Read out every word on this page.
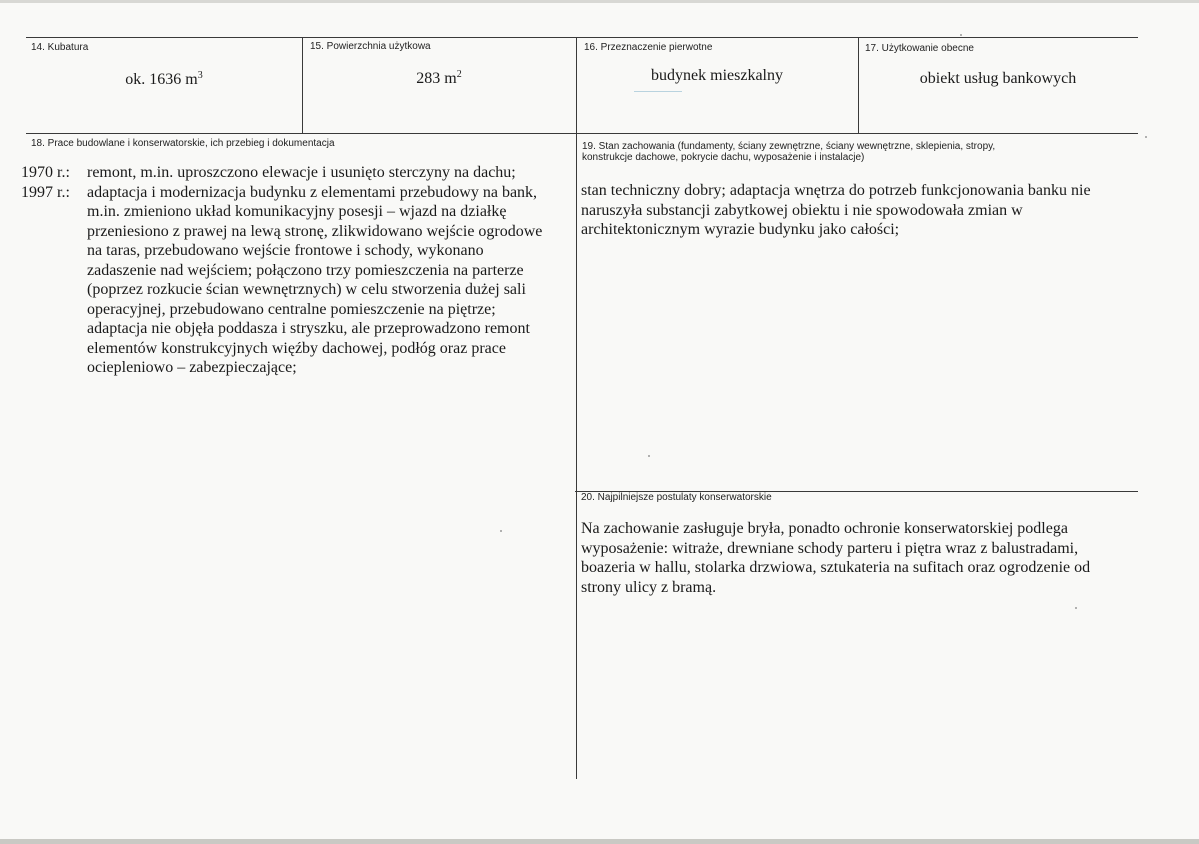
14. Kubatura
ok. 1636 $m^3$
15. Powierzchnia użytkowa
283 $m^2$
16. Przeznaczenie pierwotne
budynek mieszkalny
17. Użytkowanie obecne
obiekt usług bankowych
18. Prace budowlane i konserwatorskie, ich przebieg i dokumentacja
1970 r.:	remont, m.in. uproszczono elewacje i usunięto sterczyny na dachu;
1997 r.:	adaptacja i modernizacja budynku z elementami przebudowy na bank,
m.in. zmieniono układ komunikacyjny posesji – wjazd na działkę
przeniesiono z prawej na lewą stronę, zlikwidowano wejście ogrodowe
na taras, przebudowano wejście frontowe i schody, wykonano
zadaszenie nad wejściem; połączono trzy pomieszczenia na parterze
(poprzez rozkucie ścian wewnętrznych) w celu stworzenia dużej sali
operacyjnej, przebudowano centralne pomieszczenie na piętrze;
adaptacja nie objęła poddasza i stryszku, ale przeprowadzono remont
elementów konstrukcyjnych więźby dachowej, podłóg oraz prace
ociepleniowo – zabezpieczające;
19. Stan zachowania (fundamenty, ściany zewnętrzne, ściany wewnętrzne, sklepienia, stropy,
konstrukcje dachowe, pokrycie dachu, wyposażenie i instalacje)
stan techniczny dobry; adaptacja wnętrza do potrzeb funkcjonowania banku nie
naruszyła substancji zabytkowej obiektu i nie spowodowała zmian w
architektonicznym wyrazie budynku jako całości;
20. Najpilniejsze postulaty konserwatorskie
Na zachowanie zasługuje bryła, ponadto ochronie konserwatorskiej podlega
wyposażenie: witraże, drewniane schody parteru i piętra wraz z balustradami,
boazeria w hallu, stolarka drzwiowa, sztukateria na sufitach oraz ogrodzenie od
strony ulicy z bramą.
